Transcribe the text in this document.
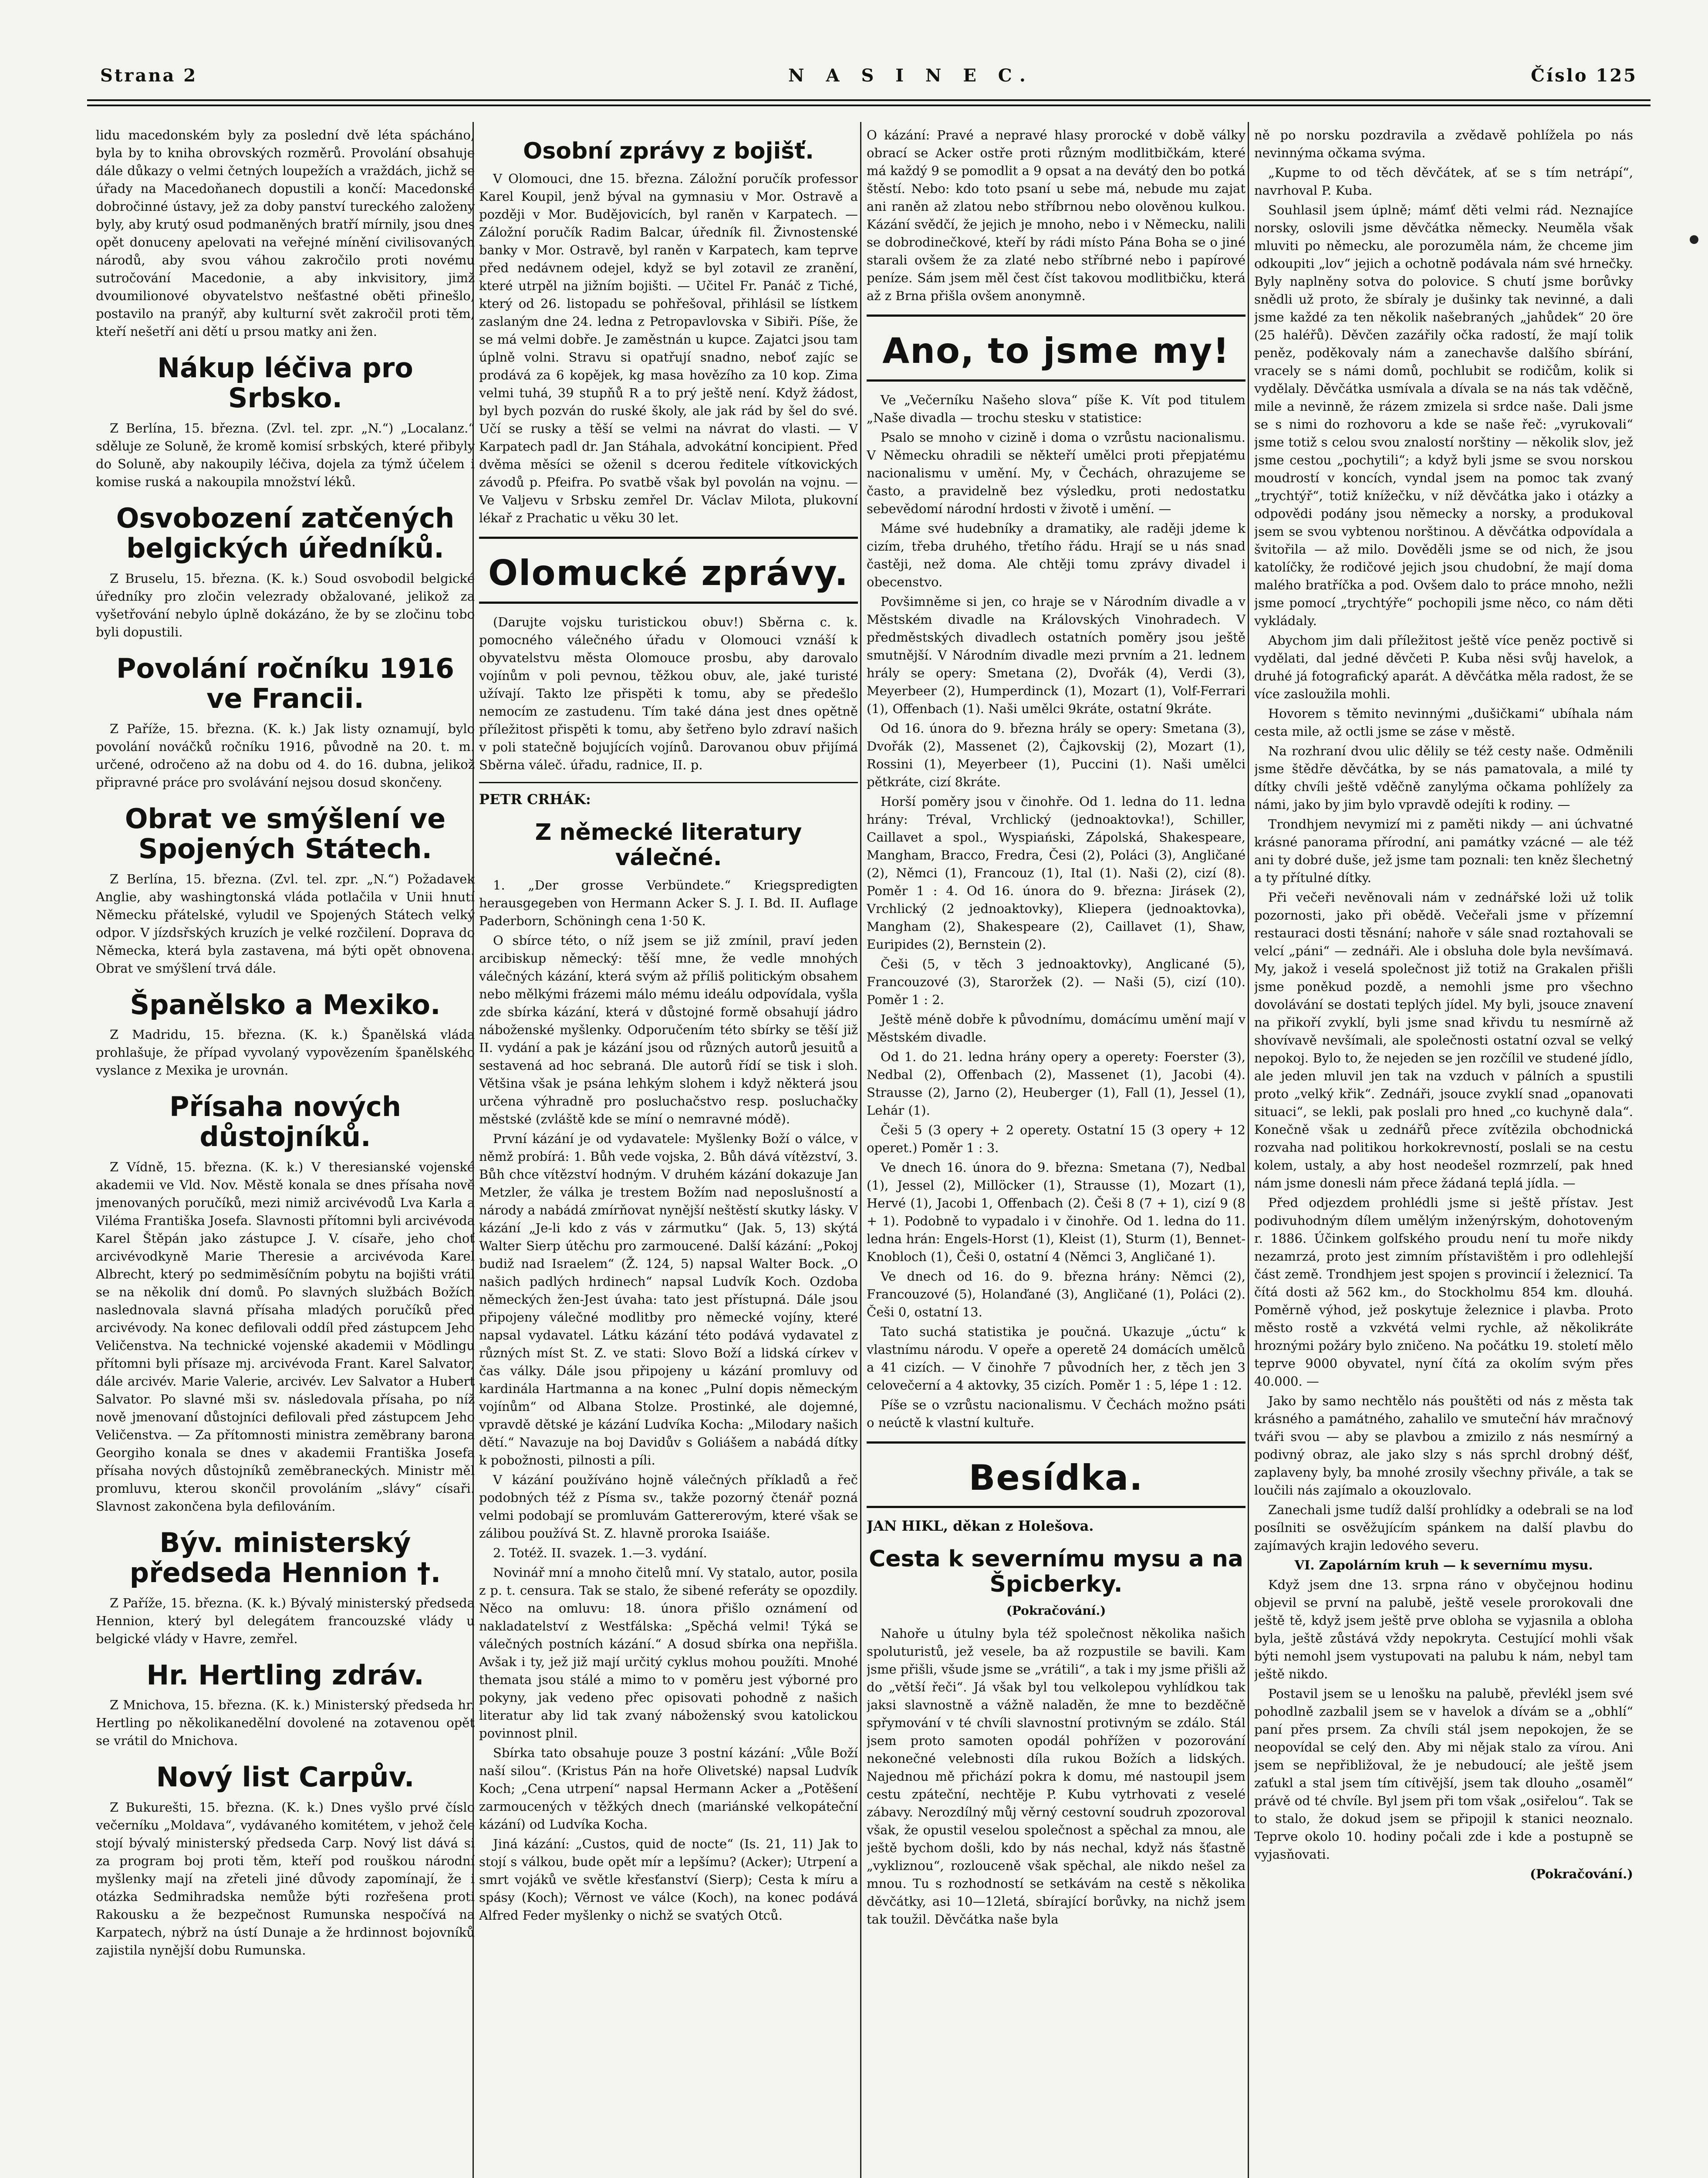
Strana 2	N A S I N E C.	Číslo 125

lidu macedonském byly za poslední dvě léta spácháno, byla by to kniha obrovských rozměrů. Provolání obsahuje dále důkazy o velmi četných loupežích a vraždách, jichž se úřady na Macedoňanech dopustili a končí: Macedonské dobročinné ústavy, jež za doby panství tureckého založeny byly, aby krutý osud podmaněných bratří mírnily, jsou dnes opět donuceny apelovati na veřejné mínění civilisovaných národů, aby svou váhou zakročilo proti novému sutročování Macedonie, a aby inkvisitory, jimž dvoumilionové obyvatelstvo nešťastné oběti přinešlo, postavilo na pranýř, aby kulturní svět zakročil proti těm, kteří nešetří ani dětí u prsou matky ani žen.

Nákup léčiva pro Srbsko.

Z Berlína, 15. března. (Zvl. tel. zpr. „N.“) „Localanz.“ sděluje ze Soluně, že kromě komisí srbských, které přibyly do Soluně, aby nakoupily léčiva, dojela za týmž účelem i komise ruská a nakoupila množství léků.

Osvobození zatčených belgických úředníků.

Z Bruselu, 15. března. (K. k.) Soud osvobodil belgické úředníky pro zločin velezrady obžalované, jelikož za vyšetřování nebylo úplně dokázáno, že by se zločinu tobo byli dopustili.

Povolání ročníku 1916 ve Francii.

Z Paříže, 15. března. (K. k.) Jak listy oznamují, bylo povolání nováčků ročníku 1916, původně na 20. t. m. určené, odročeno až na dobu od 4. do 16. dubna, jelikož připravné práce pro svolávání nejsou dosud skončeny.

Obrat ve smýšlení ve Spojených Státech.

Z Berlína, 15. března. (Zvl. tel. zpr. „N.“) Požadavek Anglie, aby washingtonská vláda potlačila v Unii hnutí Německu přátelské, vyludil ve Spojených Státech velký odpor. V jízdsřských kruzích je velké rozčilení. Doprava do Německa, která byla zastavena, má býti opět obnovena. Obrat ve smýšlení trvá dále.

Španělsko a Mexiko.

Z Madridu, 15. března. (K. k.) Španělská vláda prohlašuje, že případ vyvolaný vypovězením španělského vyslance z Mexika je urovnán.

Přísaha nových důstojníků.

Z Vídně, 15. března. (K. k.) V theresianské vojenské akademii ve Vld. Nov. Městě konala se dnes přísaha nově jmenovaných poručíků, mezi nimiž arcivévodů Lva Karla a Viléma Františka Josefa. Slavnosti přítomni byli arcivévoda Karel Štěpán jako zástupce J. V. císaře, jeho choť arcivévodkyně Marie Theresie a arcivévoda Karel Albrecht, který po sedmiměsíčním pobytu na bojišti vrátil se na několik dní domů. Po slavných službách Božích naslednovala slavná přísaha mladých poručíků před arcivévody. Na konec defilovali oddíl před zástupcem Jeho Veličenstva. Na technické vojenské akademii v Mödlingu přítomni byli přísaze mj. arcivévoda Frant. Karel Salvator, dále arcivév. Marie Valerie, arcivév. Lev Salvator a Hubert Salvator. Po slavné mši sv. následovala přísaha, po níž nově jmenovaní důstojníci defilovali před zástupcem Jeho Veličenstva. — Za přítomnosti ministra zeměbrany barona Georgiho konala se dnes v akademii Františka Josefa přísaha nových důstojníků zeměbraneckých. Ministr měl promluvu, kterou skončil provoláním „slávy“ císaři. Slavnost zakončena byla defilováním.

Býv. ministerský předseda Hennion †.

Z Paříže, 15. března. (K. k.) Bývalý ministerský předseda Hennion, který byl delegátem francouzské vlády u belgické vlády v Havre, zemřel.

Hr. Hertling zdráv.

Z Mnichova, 15. března. (K. k.) Ministerský předseda hr. Hertling po několikanedělní dovolené na zotavenou opět se vrátil do Mnichova.

Nový list Carpův.

Z Bukurešti, 15. března. (K. k.) Dnes vyšlo prvé číslo večerníku „Moldava“, vydávaného komitétem, v jehož čele stojí bývalý ministerský předseda Carp. Nový list dává si za program boj proti těm, kteří pod rouškou národní myšlenky mají na zřeteli jiné důvody zapomínají, že i otázka Sedmihradska nemůže býti rozřešena proti Rakousku a že bezpečnost Rumunska nespočívá na Karpatech, nýbrž na ústí Dunaje a že hrdinnost bojovníků zajistila nynější dobu Rumunska.

Osobní zprávy z bojišť.

V Olomouci, dne 15. března. Záložní poručík professor Karel Koupil, jenž býval na gymnasiu v Mor. Ostravě a později v Mor. Budějovicích, byl raněn v Karpatech. — Záložní poručík Radim Balcar, úředník fil. Živnostenské banky v Mor. Ostravě, byl raněn v Karpatech, kam teprve před nedávnem odejel, když se byl zotavil ze zranění, které utrpěl na jižním bojišti. — Učitel Fr. Panáč z Tiché, který od 26. listopadu se pohřešoval, přihlásil se lístkem zaslaným dne 24. ledna z Petropavlovska v Sibiři. Píše, že se má velmi dobře. Je zaměstnán u kupce. Zajatci jsou tam úplně volni. Stravu si opatřují snadno, neboť zajíc se prodává za 6 kopějek, kg masa hovězího za 10 kop. Zima velmi tuhá, 39 stupňů R a to prý ještě není. Když žádost, byl bych pozván do ruské školy, ale jak rád by šel do své. Učí se rusky a těší se velmi na návrat do vlasti. — V Karpatech padl dr. Jan Stáhala, advokátní koncipient. Před dvěma měsíci se oženil s dcerou ředitele vítkovických závodů p. Pfeifra. Po svatbě však byl povolán na vojnu. — Ve Valjevu v Srbsku zemřel Dr. Václav Milota, plukovní lékař z Prachatic u věku 30 let.

Olomucké zprávy.

(Darujte vojsku turistickou obuv!) Sběrna c. k. pomocného válečného úřadu v Olomouci vznáší k obyvatelstvu města Olomouce prosbu, aby darovalo vojínům v poli pevnou, těžkou obuv, ale, jaké turisté užívají. Takto lze přispěti k tomu, aby se předešlo nemocím ze zastudenu. Tím také dána jest dnes opětně příležitost přispěti k tomu, aby šetřeno bylo zdraví našich v poli statečně bojujících vojínů. Darovanou obuv přijímá Sběrna váleč. úřadu, radnice, II. p.

PETR CRHÁK:
Z německé literatury válečné.

1. „Der grosse Verbündete.“ Kriegspredigten herausgegeben von Hermann Acker S. J. I. Bd. II. Auflage Paderborn, Schöningh cena 1·50 K.

O sbírce této, o níž jsem se již zmínil, praví jeden arcibiskup německý: těší mne, že vedle mnohých válečných kázání, která svým až příliš politickým obsahem nebo mělkými frázemi málo mému ideálu odpovídala, vyšla zde sbírka kázání, která v důstojné formě obsahují jádro náboženské myšlenky. Odporučením této sbírky se těší již II. vydání a pak je kázání jsou od různých autorů jesuitů a sestavená ad hoc sebraná. Dle autorů řídí se tisk i sloh. Většina však je psána lehkým slohem i když některá jsou určena výhradně pro posluchačstvo resp. posluchačky městské (zvláště kde se míní o nemravné módě).

První kázání je od vydavatele: Myšlenky Boží o válce, v němž probírá: 1. Bůh vede vojska, 2. Bůh dává vítězství, 3. Bůh chce vítězství hodným. V druhém kázání dokazuje Jan Metzler, že válka je trestem Božím nad neposlušností a národy a nabádá zmírňovat nynější neštěstí skutky lásky. V kázání „Je-li kdo z vás v zármutku“ (Jak. 5, 13) skýtá Walter Sierp útěchu pro zarmoucené. Další kázání: „Pokoj budiž nad Israelem“ (Ž. 124, 5) napsal Walter Bock. „O našich padlých hrdinech“ napsal Ludvík Koch. Ozdoba německých žen-Jest úvaha: tato jest přístupná. Dále jsou připojeny válečné modlitby pro německé vojíny, které napsal vydavatel. Látku kázání této podává vydavatel z různých míst St. Z. ve stati: Slovo Boží a lidská církev v čas války. Dále jsou připojeny u kázání promluvy od kardinála Hartmanna a na konec „Pulní dopis německým vojínům“ od Albana Stolze. Prostinké, ale dojemné, vpravdě dětské je kázání Ludvíka Kocha: „Milodary našich dětí.“ Navazuje na boj Davidův s Goliášem a nabádá dítky k pobožnosti, pilnosti a píli.

V kázání používáno hojně válečných příkladů a řeč podobných též z Písma sv., takže pozorný čtenář pozná velmi podobají se promluvám Gattererovým, které však se zálibou používá St. Z. hlavně proroka Isaiáše.

2. Totéž. II. svazek. 1.—3. vydání.

Novinář mní a mnoho čitelů mní. Vy statalo, autor, posila z p. t. censura. Tak se stalo, že sibené referáty se opozdily. Něco na omluvu: 18. února přišlo oznámení od nakladatelství z Westfálska: „Spěchá velmi! Týká se válečných postních kázání.“ A dosud sbírka ona nepřišla. Avšak i ty, jež již mají určitý cyklus mohou použíti. Mnohé themata jsou stálé a mimo to v poměru jest výborné pro pokyny, jak vedeno přec opisovati pohodně z našich literatur aby lid tak zvaný náboženský svou katolickou povinnost plnil.

Sbírka tato obsahuje pouze 3 postní kázání: „Vůle Boží naší silou“. (Kristus Pán na hoře Olivetské) napsal Ludvík Koch; „Cena utrpení“ napsal Hermann Acker a „Potěšení zarmoucených v těžkých dnech (mariánské velkopáteční kázání) od Ludvíka Kocha.

Jiná kázání: „Custos, quid de nocte“ (Is. 21, 11) Jak to stojí s válkou, bude opět mír a lepšímu? (Acker); Utrpení a smrt vojáků ve světle křesťanství (Sierp); Cesta k míru a spásy (Koch); Věrnost ve válce (Koch), na konec podává Alfred Feder myšlenky o nichž se svatých Otců.

O kázání: Pravé a nepravé hlasy prorocké v době války obrací se Acker ostře proti různým modlitbičkám, které má každý 9 se pomodlit a 9 opsat a na devátý den bo potká štěstí. Nebo: kdo toto psaní u sebe má, nebude mu zajat ani raněn až zlatou nebo stříbrnou nebo olověnou kulkou. Kázání svědčí, že jejich je mnoho, nebo i v Německu, nalili se dobrodinečkové, kteří by rádi místo Pána Boha se o jiné starali ovšem že za zlaté nebo stříbrné nebo i papírové peníze. Sám jsem měl čest číst takovou modlitbičku, která až z Brna přišla ovšem anonymně.

Ano, to jsme my!

Ve „Večerníku Našeho slova“ píše K. Vít pod titulem „Naše divadla — trochu stesku v statistice:

Psalo se mnoho v cizině i doma o vzrůstu nacionalismu. V Německu ohradili se někteří umělci proti přepjatému nacionalismu v umění. My, v Čechách, ohrazujeme se často, a pravidelně bez výsledku, proti nedostatku sebevědomí národní hrdosti v životě i umění. —

Máme své hudebníky a dramatiky, ale raději jdeme k cizím, třeba druhého, třetího řádu. Hrají se u nás snad častěji, než doma. Ale chtěji tomu zprávy divadel i obecenstvo.

Povšimněme si jen, co hraje se v Národním divadle a v Městském divadle na Královských Vinohradech. V předměstských divadlech ostatních poměry jsou ještě smutnější. V Národním divadle mezi prvním a 21. lednem hrály se opery: Smetana (2), Dvořák (4), Verdi (3), Meyerbeer (2), Humperdinck (1), Mozart (1), Volf-Ferrari (1), Offenbach (1). Naši umělci 9kráte, ostatní 9kráte.

Od 16. února do 9. března hrály se opery: Smetana (3), Dvořák (2), Massenet (2), Čajkovskij (2), Mozart (1), Rossini (1), Meyerbeer (1), Puccini (1). Naši umělci pětkráte, cizí 8kráte.

Horší poměry jsou v činohře. Od 1. ledna do 11. ledna hrány: Tréval, Vrchlický (jednoaktovka!), Schiller, Caillavet a spol., Wyspiański, Zápolská, Shakespeare, Mangham, Bracco, Fredra, Česi (2), Poláci (3), Angličané (2), Němci (1), Francouz (1), Ital (1). Naši (2), cizí (8). Poměr 1 : 4. Od 16. února do 9. března: Jirásek (2), Vrchlický (2 jednoaktovky), Kliepera (jednoaktovka), Mangham (2), Shakespeare (2), Caillavet (1), Shaw, Euripides (2), Bernstein (2).

Češi (5, v těch 3 jednoaktovky), Anglicané (5), Francouzové (3), Staroržek (2). — Naši (5), cizí (10). Poměr 1 : 2.

Ještě méně dobře k původnímu, domácímu umění mají v Městském divadle.

Od 1. do 21. ledna hrány opery a operety: Foerster (3), Nedbal (2), Offenbach (2), Massenet (1), Jacobi (4). Strausse (2), Jarno (2), Heuberger (1), Fall (1), Jessel (1), Lehár (1).

Češi 5 (3 opery + 2 operety. Ostatní 15 (3 opery + 12 operet.) Poměr 1 : 3.

Ve dnech 16. února do 9. března: Smetana (7), Nedbal (1), Jessel (2), Millöcker (1), Strausse (1), Mozart (1), Hervé (1), Jacobi 1, Offenbach (2). Češi 8 (7 + 1), cizí 9 (8 + 1). Podobně to vypadalo i v činohře. Od 1. ledna do 11. ledna hrán: Engels-Horst (1), Kleist (1), Sturm (1), Bennet-Knobloch (1), Češi 0, ostatní 4 (Němci 3, Angličané 1).

Ve dnech od 16. do 9. března hrány: Němci (2), Francouzové (5), Holanďané (3), Angličané (1), Poláci (2). Češi 0, ostatní 13.

Tato suchá statistika je poučná. Ukazuje „úctu“ k vlastnímu národu. V opeře a operetě 24 domácích umělců a 41 cizích. — V činohře 7 původních her, z těch jen 3 celovečerní a 4 aktovky, 35 cizích. Poměr 1 : 5, lépe 1 : 12.

Píše se o vzrůstu nacionalismu. V Čechách možno psáti o neúctě k vlastní kultuře.

Besídka.
JAN HIKL, děkan z Holešova.
Cesta k severnímu mysu a na Špicberky.
(Pokračování.)

Nahoře u útulny byla též společnost několika našich spoluturistů, jež vesele, ba až rozpustile se bavili. Kam jsme přišli, všude jsme se „vrátili“, a tak i my jsme přišli až do „větší řeči“. Já však byl tou velkolepou vyhlídkou tak jaksi slavnostně a vážně naladěn, že mne to bezděčně spřymování v té chvíli slavnostní protivným se zdálo. Stál jsem proto samoten opodál pohřížen v pozorování nekonečné velebnosti díla rukou Božích a lidských. Najednou mě přichází pokra k domu, mé nastoupil jsem cestu zpáteční, nechtěje P. Kubu vytrhovati z veselé zábavy. Nerozdílný můj věrný cestovní soudruh zpozoroval však, že opustil veselou společnost a spěchal za mnou, ale ještě bychom došli, kdo by nás nechal, když nás šťastně „vykliznou“, rozlouceně však spěchal, ale nikdo nešel za mnou. Tu s rozhodností se setkávám na cestě s několika děvčátky, asi 10—12letá, sbírající borůvky, na nichž jsem tak toužil. Děvčátka naše byla

ně po norsku pozdravila a zvědavě pohlížela po nás nevinnýma očkama svýma.

„Kupme to od těch děvčátek, ať se s tím netrápí“, navrhoval P. Kuba.

Souhlasil jsem úplně; mámť děti velmi rád. Neznajíce norsky, oslovili jsme děvčátka německy. Neuměla však mluviti po německu, ale porozuměla nám, že chceme jim odkoupiti „lov“ jejich a ochotně podávala nám své hrnečky. Byly naplněny sotva do polovice. S chutí jsme borůvky snědli už proto, že sbíraly je dušinky tak nevinné, a dali jsme každé za ten několik našebraných „jahůdek“ 20 öre (25 haléřů). Děvčen zazářily očka radostí, že mají tolik peněz, poděkovaly nám a zanechavše dalšího sbírání, vracely se s námi domů, pochlubit se rodičům, kolik si vydělaly. Děvčátka usmívala a dívala se na nás tak vděčně, mile a nevinně, že rázem zmizela si srdce naše. Dali jsme se s nimi do rozhovoru a kde se naše řeč: „vyrukovali“ jsme totiž s celou svou znalostí norštiny — několik slov, jež jsme cestou „pochytili“; a když byli jsme se svou norskou moudrostí v koncích, vyndal jsem na pomoc tak zvaný „trychtýř“, totiž knížečku, v níž děvčátka jako i otázky a odpovědi podány jsou německy a norsky, a produkoval jsem se svou vybtenou norštinou. A děvčátka odpovídala a švitořila — až milo. Dověděli jsme se od nich, že jsou katolíčky, že rodičové jejich jsou chudobní, že mají doma malého bratříčka a pod. Ovšem dalo to práce mnoho, nežli jsme pomocí „trychtýře“ pochopili jsme něco, co nám děti vykládaly.

Abychom jim dali příležitost ještě více peněz poctivě si vydělati, dal jedné děvčeti P. Kuba něsi svůj havelok, a druhé já fotografický aparát. A děvčátka měla radost, že se více zasloužila mohli.

Hovorem s těmito nevinnými „dušičkami“ ubíhala nám cesta mile, až octli jsme se záse v městě.

Na rozhraní dvou ulic dělily se též cesty naše. Odměnili jsme štědře děvčátka, by se nás pamatovala, a milé ty dítky chvíli ještě vděčně zanylýma očkama pohlížely za námi, jako by jim bylo vpravdě odejíti k rodiny. —

Trondhjem nevymizí mi z paměti nikdy — ani úchvatné krásné panorama přírodní, ani památky vzácné — ale též ani ty dobré duše, jež jsme tam poznali: ten kněz šlechetný a ty přítulné dítky.

Při večeři nevěnovali nám v zednářské loži už tolik pozornosti, jako při obědě. Večeřali jsme v přízemní restauraci dosti těsnání; nahoře v sále snad roztahovali se velcí „páni“ — zednáři. Ale i obsluha dole byla nevšímavá. My, jakož i veselá společnost již totiž na Grakalen přišli jsme poněkud pozdě, a nemohli jsme pro všechno dovolávání se dostati teplých jídel. My byli, jsouce znavení na přikoří zvyklí, byli jsme snad křivdu tu nesmírně až shovívavě nevšímali, ale společnosti ostatní ozval se velký nepokoj. Bylo to, že nejeden se jen rozčílil ve studené jídlo, ale jeden mluvil jen tak na vzduch v pálních a spustili proto „velký křik“. Zednáři, jsouce zvyklí snad „opanovati situaci“, se lekli, pak poslali pro hned „co kuchyně dala“. Konečně však u zednářů přece zvítězila obchodnická rozvaha nad politikou horkokrevností, poslali se na cestu kolem, ustaly, a aby host neodešel rozmrzelí, pak hned nám jsme donesli nám přece žádaná teplá jídla. —

Před odjezdem prohlédli jsme si ještě přístav. Jest podivuhodným dílem umělým inženýrským, dohotoveným r. 1886. Účinkem golfského proudu není tu moře nikdy nezamrzá, proto jest zimním přístavištěm i pro odlehlejší část země. Trondhjem jest spojen s provincií i železnicí. Ta čítá dosti až 562 km., do Stockholmu 854 km. dlouhá. Poměrně výhod, jež poskytuje železnice i plavba. Proto město rostě a vzkvétá velmi rychle, až několikráte hroznými požáry bylo zničeno. Na počátku 19. století mělo teprve 9000 obyvatel, nyní čítá za okolím svým přes 40.000. —

Jako by samo nechtělo nás pouštěti od nás z města tak krásného a památného, zahalilo ve smuteční háv mračnový tváři svou — aby se plavbou a zmizilo z nás nesmírný a podivný obraz, ale jako slzy s nás sprchl drobný déšť, zaplaveny byly, ba mnohé zrosily všechny přivále, a tak se loučili nás zajímalo a okouzlovalo.

Zanechali jsme tudíž další prohlídky a odebrali se na loď posílniti se osvěžujícím spánkem na další plavbu do zajímavých krajin ledového severu.

VI. Zapolárním kruh — k severnímu mysu.

Když jsem dne 13. srpna ráno v obyčejnou hodinu objevil se první na palubě, ještě vesele prorokovali dne ještě tě, když jsem ještě prve obloha se vyjasnila a obloha byla, ještě zůstává vždy nepokryta. Cestující mohli však býti nemohl jsem vystupovati na palubu k nám, nebyl tam ještě nikdo.

Postavil jsem se u lenošku na palubě, převlékl jsem své pohodlně zazbalil jsem se v havelok a dívám se a „obhlí“ paní přes prsem. Za chvíli stál jsem nepokojen, že se neopovídal se celý den. Aby mi nějak stalo za vírou. Ani jsem se nepřibližoval, že je nebudoucí; ale ještě jsem zaťukl a stal jsem tím cítivější, jsem tak dlouho „osaměl“ právě od té chvíle. Byl jsem při tom však „osiřelou“. Tak se to stalo, že dokud jsem se připojil k stanici neoznalo. Teprve okolo 10. hodiny počali zde i kde a postupně se vyjasňovati.

(Pokračování.)
